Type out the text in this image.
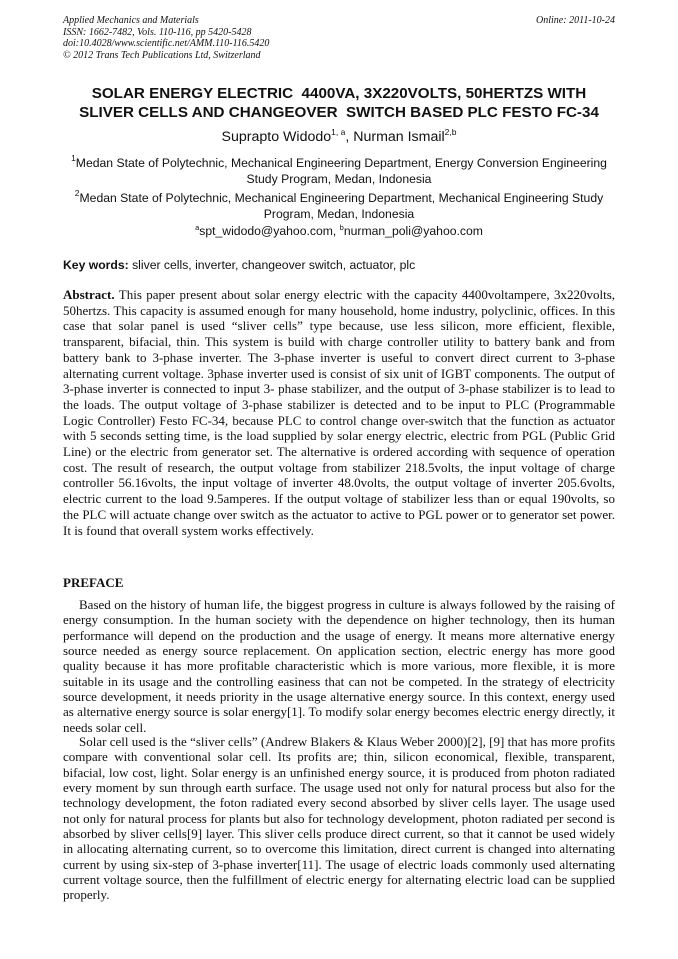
Applied Mechanics and Materials
ISSN: 1662-7482, Vols. 110-116, pp 5420-5428
doi:10.4028/www.scientific.net/AMM.110-116.5420
© 2012 Trans Tech Publications Ltd, Switzerland
Online: 2011-10-24
SOLAR ENERGY ELECTRIC  4400VA, 3X220VOLTS, 50HERTZS WITH
SLIVER CELLS AND CHANGEOVER  SWITCH BASED PLC FESTO FC-34
Suprapto Widodo$^{1, a}$, Nurman Ismail$^{2,b}$
$^1$Medan State of Polytechnic, Mechanical Engineering Department, Energy Conversion Engineering Study Program, Medan, Indonesia
$^2$Medan State of Polytechnic, Mechanical Engineering Department, Mechanical Engineering Study Program, Medan, Indonesia
$^a$spt_widodo@yahoo.com, $^b$nurman_poli@yahoo.com
Key words: sliver cells, inverter, changeover switch, actuator, plc

Abstract. This paper present about solar energy electric with the capacity 4400voltampere, 3x220volts, 50hertzs. This capacity is assumed enough for many household, home industry, polyclinic, offices. In this case that solar panel is used “sliver cells” type because, use less silicon, more efficient, flexible, transparent, bifacial, thin. This system is build with charge controller utility to battery bank and from battery bank to 3-phase inverter. The 3-phase inverter is useful to convert direct current to 3-phase alternating current voltage. 3phase inverter used is consist of six unit of IGBT components. The output of 3-phase inverter is connected to input 3- phase stabilizer, and the output of 3-phase stabilizer is to lead to the loads. The output voltage of 3-phase stabilizer is detected and to be input to PLC (Programmable Logic Controller) Festo FC-34, because PLC to control change over-switch that the function as actuator with 5 seconds setting time, is the load supplied by solar energy electric, electric from PGL (Public Grid Line) or the electric from generator set. The alternative is ordered according with sequence of operation cost. The result of research, the output voltage from stabilizer 218.5volts, the input voltage of charge controller 56.16volts, the input voltage of inverter 48.0volts, the output voltage of inverter 205.6volts, electric current to the load 9.5amperes. If the output voltage of stabilizer less than or equal 190volts, so the PLC will actuate change over switch as the actuator to active to PGL power or to generator set power. It is found that overall system works effectively.

PREFACE

Based on the history of human life, the biggest progress in culture is always followed by the raising of energy consumption. In the human society with the dependence on higher technology, then its human performance will depend on the production and the usage of energy. It means more alternative energy source needed as energy source replacement. On application section, electric energy has more good quality because it has more profitable characteristic which is more various, more flexible, it is more suitable in its usage and the controlling easiness that can not be competed. In the strategy of electricity source development, it needs priority in the usage alternative energy source. In this context, energy used as alternative energy source is solar energy[1]. To modify solar energy becomes electric energy directly, it needs solar cell.

Solar cell used is the “sliver cells” (Andrew Blakers & Klaus Weber 2000)[2], [9] that has more profits compare with conventional solar cell. Its profits are; thin, silicon economical, flexible, transparent, bifacial, low cost, light. Solar energy is an unfinished energy source, it is produced from photon radiated every moment by sun through earth surface. The usage used not only for natural process but also for the technology development, the foton radiated every second absorbed by sliver cells layer. The usage used not only for natural process for plants but also for technology development, photon radiated per second is absorbed by sliver cells[9] layer. This sliver cells produce direct current, so that it cannot be used widely in allocating alternating current, so to overcome this limitation, direct current is changed into alternating current by using six-step of 3-phase inverter[11]. The usage of electric loads commonly used alternating current voltage source, then the fulfillment of electric energy for alternating electric load can be supplied properly.
